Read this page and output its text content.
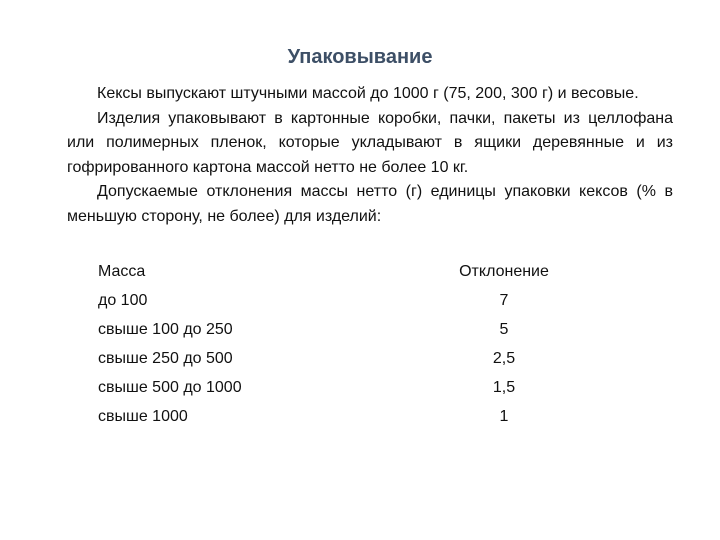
Упаковывание

Кексы выпускают штучными массой до 1000 г (75, 200, 300 г) и весовые.

Изделия упаковывают в картонные коробки, пачки, пакеты из целлофана или полимерных пленок, которые укладывают в ящики деревянные и из гофрированного картона массой нетто не более 10 кг.

Допускаемые отклонения массы нетто (г) единицы упаковки кексов (% в меньшую сторону, не более) для изделий:

Масса	Отклонение
до 100	7
свыше 100 до 250	5
свыше 250 до 500	2,5
свыше 500 до 1000	1,5
свыше 1000	1
